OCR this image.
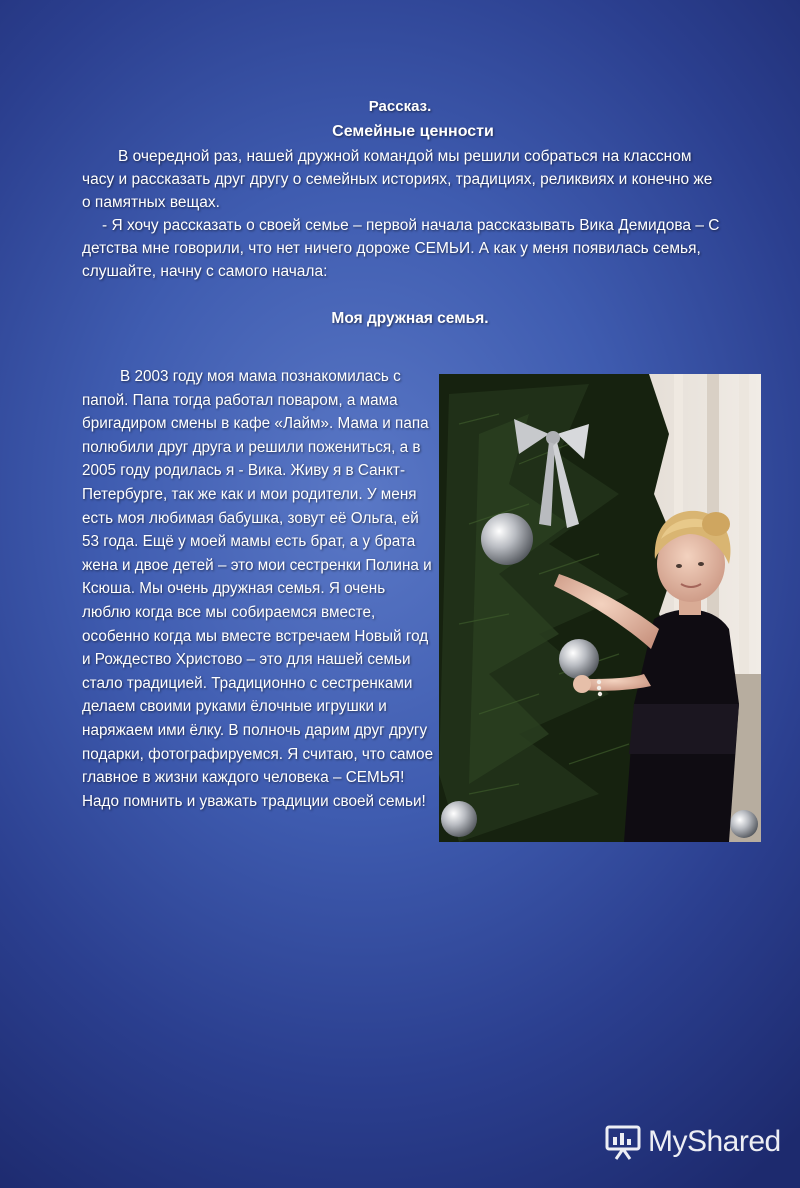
Рассказ.
Семейные ценности

В очередной раз, нашей дружной командой мы решили собраться на классном часу и рассказать друг другу о семейных историях, традициях, реликвиях и конечно же о памятных вещах.

- Я хочу рассказать о своей семье – первой начала рассказывать Вика Демидова – С детства мне говорили, что нет ничего дороже СЕМЬИ. А как у меня появилась семья, слушайте, начну с самого начала:

Моя дружная семья.

В 2003 году моя мама познакомилась с папой. Папа тогда работал поваром, а мама бригадиром смены в кафе «Лайм». Мама и папа полюбили друг друга и решили пожениться, а в 2005 году родилась я - Вика. Живу я в Санкт-Петербурге, так же как и мои родители. У меня есть моя любимая бабушка, зовут её Ольга, ей 53 года. Ещё у моей мамы есть брат, а у брата жена и двое детей – это мои сестренки Полина и Ксюша. Мы очень дружная семья. Я очень люблю когда все мы собираемся вместе, особенно когда мы вместе встречаем Новый год и Рождество Христово – это для нашей семьи стало традицией. Традиционно с сестренками делаем своими руками ёлочные игрушки и наряжаем ими ёлку. В полночь дарим друг другу подарки, фотографируемся. Я считаю, что самое главное в жизни каждого человека – СЕМЬЯ! Надо помнить и уважать традиции своей семьи!

MyShared
